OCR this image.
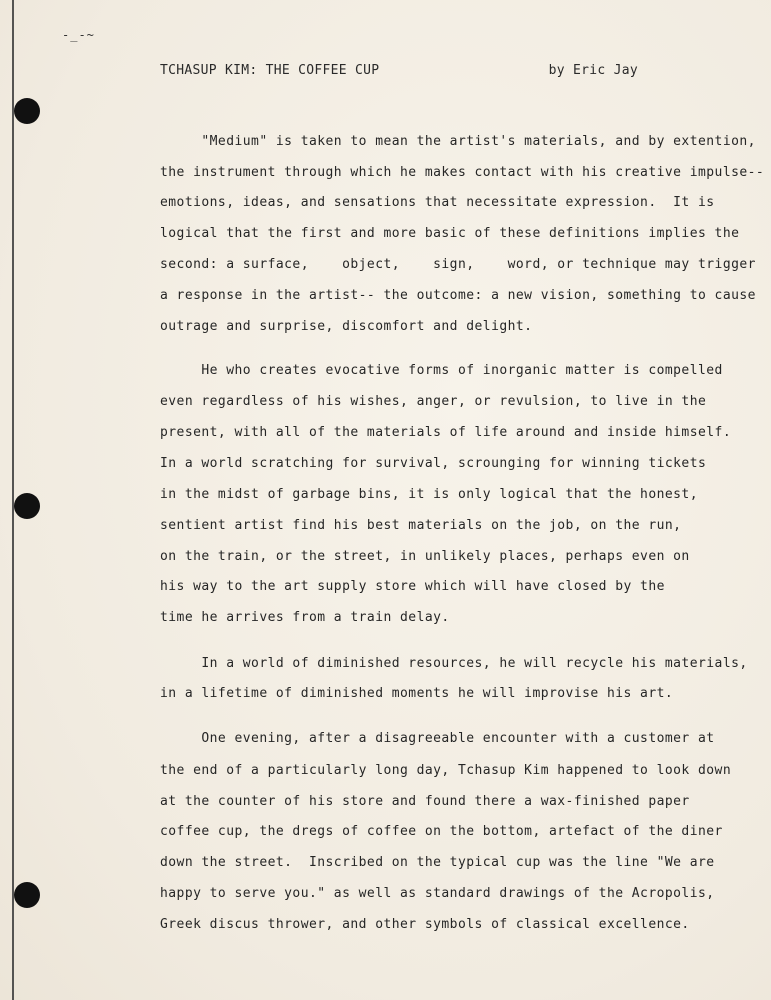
-_-~
TCHASUP KIM: THE COFFEE CUP	by Eric Jay
"Medium" is taken to mean the artist's materials, and by extention,
the instrument through which he makes contact with his creative impulse--
emotions, ideas, and sensations that necessitate expression.  It is
logical that the first and more basic of these definitions implies the
second: a surface,    object,    sign,    word, or technique may trigger
a response in the artist-- the outcome: a new vision, something to cause
outrage and surprise, discomfort and delight.
He who creates evocative forms of inorganic matter is compelled
even regardless of his wishes, anger, or revulsion, to live in the
present, with all of the materials of life around and inside himself.
In a world scratching for survival, scrounging for winning tickets
in the midst of garbage bins, it is only logical that the honest,
sentient artist find his best materials on the job, on the run,
on the train, or the street, in unlikely places, perhaps even on
his way to the art supply store which will have closed by the
time he arrives from a train delay.
In a world of diminished resources, he will recycle his materials,
in a lifetime of diminished moments he will improvise his art.
One evening, after a disagreeable encounter with a customer at
the end of a particularly long day, Tchasup Kim happened to look down
at the counter of his store and found there a wax-finished paper
coffee cup, the dregs of coffee on the bottom, artefact of the diner
down the street.  Inscribed on the typical cup was the line "We are
happy to serve you." as well as standard drawings of the Acropolis,
Greek discus thrower, and other symbols of classical excellence.
